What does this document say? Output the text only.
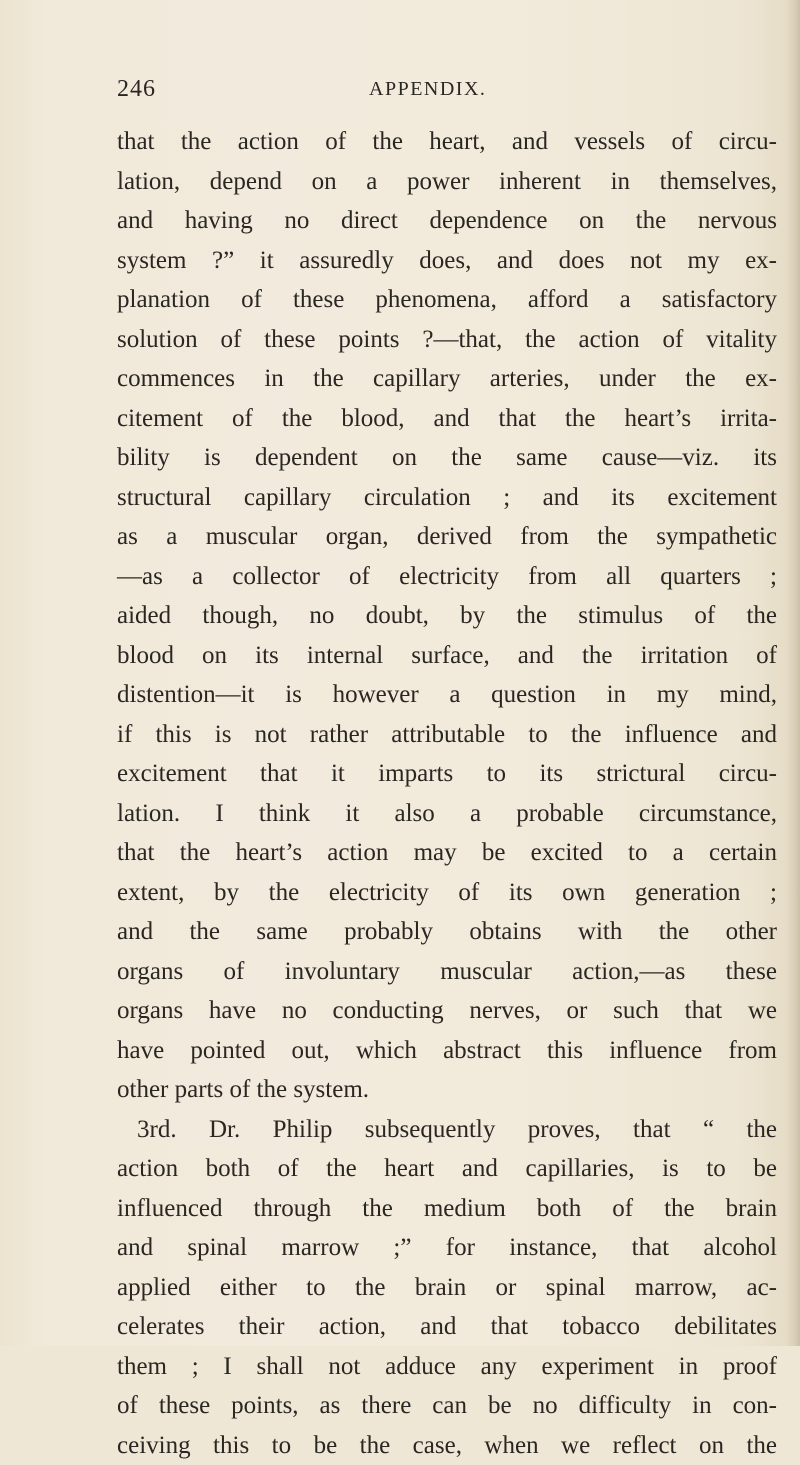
246	APPENDIX.
that the action of the heart, and vessels of circu-
lation, depend on a power inherent in themselves,
and having no direct dependence on the nervous
system ?” it assuredly does, and does not my ex-
planation of these phenomena, afford a satisfactory
solution of these points ?—that, the action of vitality
commences in the capillary arteries, under the ex-
citement of the blood, and that the heart’s irrita-
bility is dependent on the same cause—viz. its
structural capillary circulation ; and its excitement
as a muscular organ, derived from the sympathetic
—as a collector of electricity from all quarters ;
aided though, no doubt, by the stimulus of the
blood on its internal surface, and the irritation of
distention—it is however a question in my mind,
if this is not rather attributable to the influence and
excitement that it imparts to its strictural circu-
lation. I think it also a probable circumstance,
that the heart’s action may be excited to a certain
extent, by the electricity of its own generation ;
and the same probably obtains with the other
organs of involuntary muscular action,—as these
organs have no conducting nerves, or such that we
have pointed out, which abstract this influence from
other parts of the system.
3rd. Dr. Philip subsequently proves, that “ the
action both of the heart and capillaries, is to be
influenced through the medium both of the brain
and spinal marrow ;” for instance, that alcohol
applied either to the brain or spinal marrow, ac-
celerates their action, and that tobacco debilitates
them ; I shall not adduce any experiment in proof
of these points, as there can be no difficulty in con-
ceiving this to be the case, when we reflect on the
